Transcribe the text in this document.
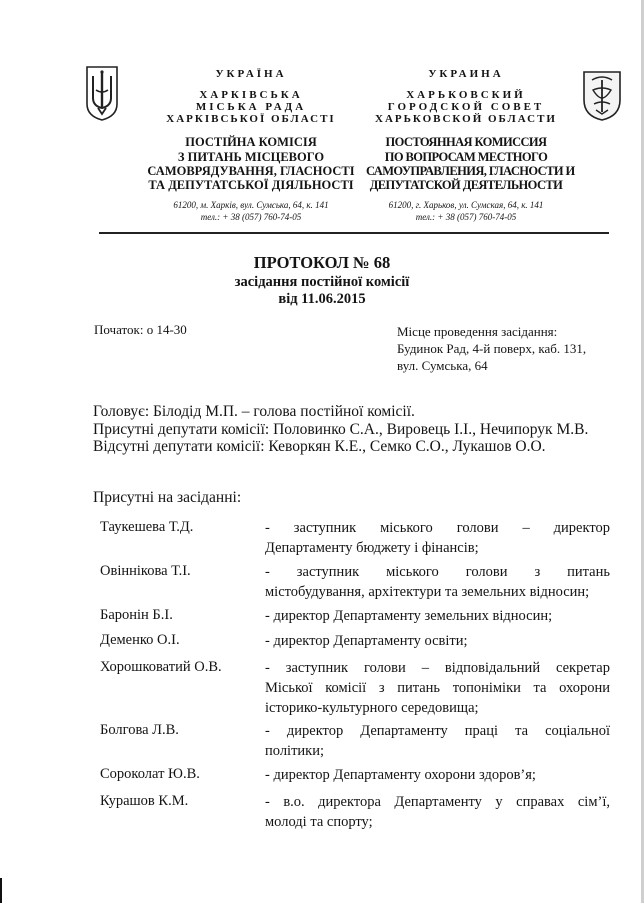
УКРАЇНА
ХАРКІВСЬКА
МІСЬКА РАДА
ХАРКІВСЬКОЇ ОБЛАСТІ
ПОСТІЙНА КОМІСІЯ
З ПИТАНЬ МІСЦЕВОГО
САМОВРЯДУВАННЯ, ГЛАСНОСТІ
ТА ДЕПУТАТСЬКОЇ ДІЯЛЬНОСТІ
61200, м. Харків, вул. Сумська, 64, к. 141
тел.: + 38 (057) 760-74-05
УКРАИНА
ХАРЬКОВСКИЙ
ГОРОДСКОЙ СОВЕТ
ХАРЬКОВСКОЙ ОБЛАСТИ
ПОСТОЯННАЯ КОМИССИЯ
ПО ВОПРОСАМ МЕСТНОГО
САМОУПРАВЛЕНИЯ, ГЛАСНОСТИ И
ДЕПУТАТСКОЙ ДЕЯТЕЛЬНОСТИ
61200, г. Харьков, ул. Сумская, 64, к. 141
тел.: + 38 (057) 760-74-05
ПРОТОКОЛ № 68
засідання постійної комісії
від 11.06.2015
Початок: о 14-30	Місце проведення засідання:
Будинок Рад, 4-й поверх, каб. 131,
вул. Сумська, 64
Головує: Білодід М.П. – голова постійної комісії.
Присутні депутати комісії: Половинко С.А., Вировець І.І., Нечипорук М.В.
Відсутні депутати комісії: Кеворкян К.Е., Семко С.О., Лукашов О.О.
Присутні на засіданні:
Таукешева Т.Д.	- заступник міського голови – директор
Департаменту бюджету і фінансів;
Овіннікова Т.І.	- заступник міського голови з питань
містобудування, архітектури та земельних відносин;
Баронін Б.І.	- директор Департаменту земельних відносин;
Деменко О.І.	- директор Департаменту освіти;
Хорошковатий О.В.	- заступник голови – відповідальний секретар
Міської комісії з питань топоніміки та охорони
історико-культурного середовища;
Болгова Л.В.	- директор Департаменту праці та соціальної
політики;
Сороколат Ю.В.	- директор Департаменту охорони здоров’я;
Курашов К.М.	- в.о. директора Департаменту у справах сім’ї,
молоді та спорту;
